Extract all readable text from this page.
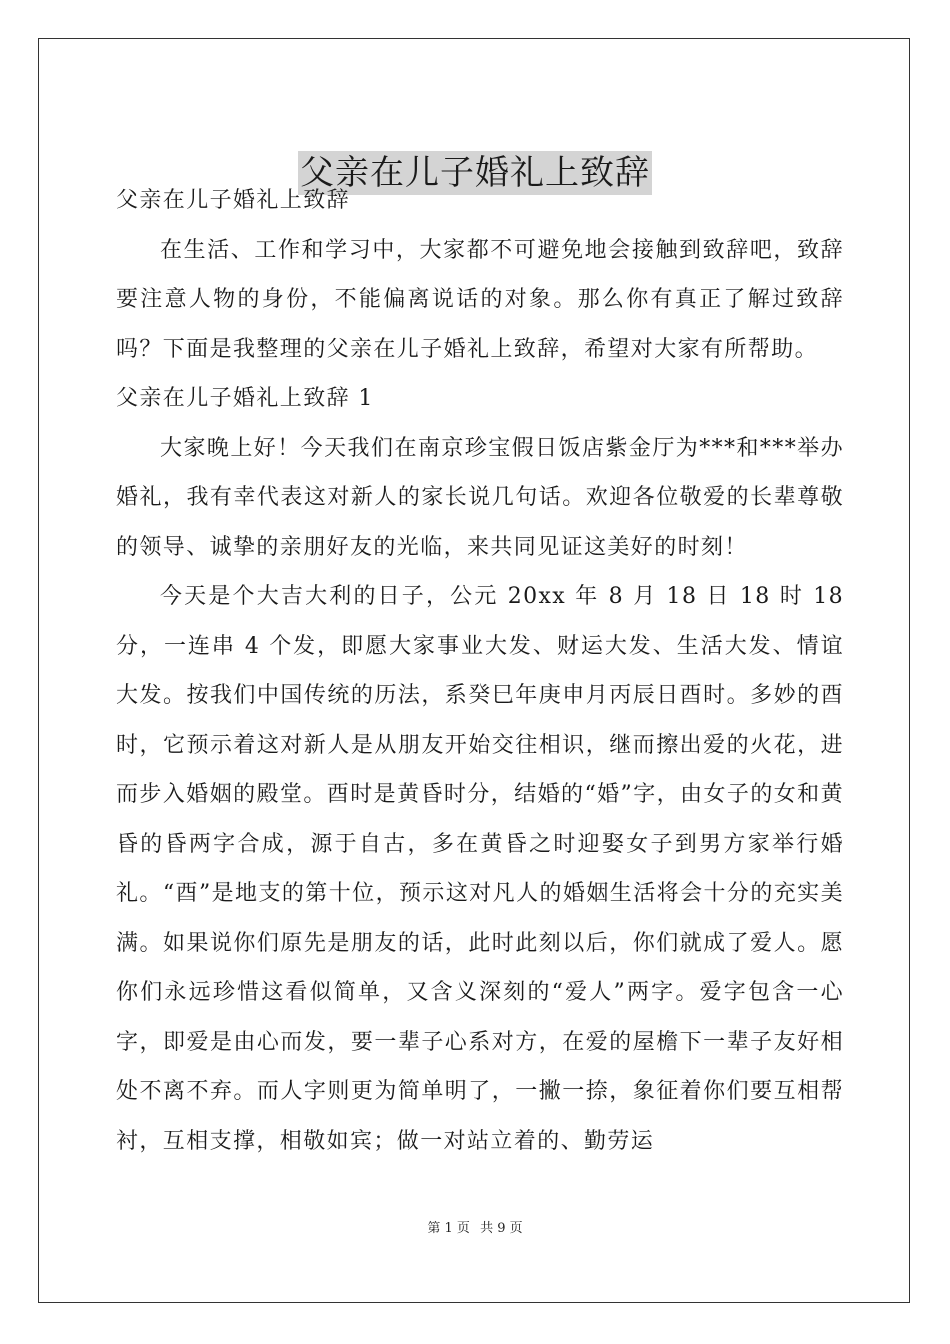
父亲在儿子婚礼上致辞

父亲在儿子婚礼上致辞

在生活、工作和学习中，大家都不可避免地会接触到致辞吧，致辞要注意人物的身份，不能偏离说话的对象。那么你有真正了解过致辞吗？下面是我整理的父亲在儿子婚礼上致辞，希望对大家有所帮助。

父亲在儿子婚礼上致辞 1

大家晚上好！今天我们在南京珍宝假日饭店紫金厅为***和***举办婚礼，我有幸代表这对新人的家长说几句话。欢迎各位敬爱的长辈尊敬的领导、诚挚的亲朋好友的光临，来共同见证这美好的时刻！

今天是个大吉大利的日子，公元 20xx 年 8 月 18 日 18 时 18 分，一连串 4 个发，即愿大家事业大发、财运大发、生活大发、情谊大发。按我们中国传统的历法，系癸巳年庚申月丙辰日酉时。多妙的酉时，它预示着这对新人是从朋友开始交往相识，继而擦出爱的火花，进而步入婚姻的殿堂。酉时是黄昏时分，结婚的“婚”字，由女子的女和黄昏的昏两字合成，源于自古，多在黄昏之时迎娶女子到男方家举行婚礼。“酉”是地支的第十位，预示这对凡人的婚姻生活将会十分的充实美满。如果说你们原先是朋友的话，此时此刻以后，你们就成了爱人。愿你们永远珍惜这看似简单，又含义深刻的“爱人”两字。爱字包含一心字，即爱是由心而发，要一辈子心系对方，在爱的屋檐下一辈子友好相处不离不弃。而人字则更为简单明了，一撇一捺，象征着你们要互相帮衬，互相支撑，相敬如宾；做一对站立着的、勤劳运

第 1 页 共 9 页
